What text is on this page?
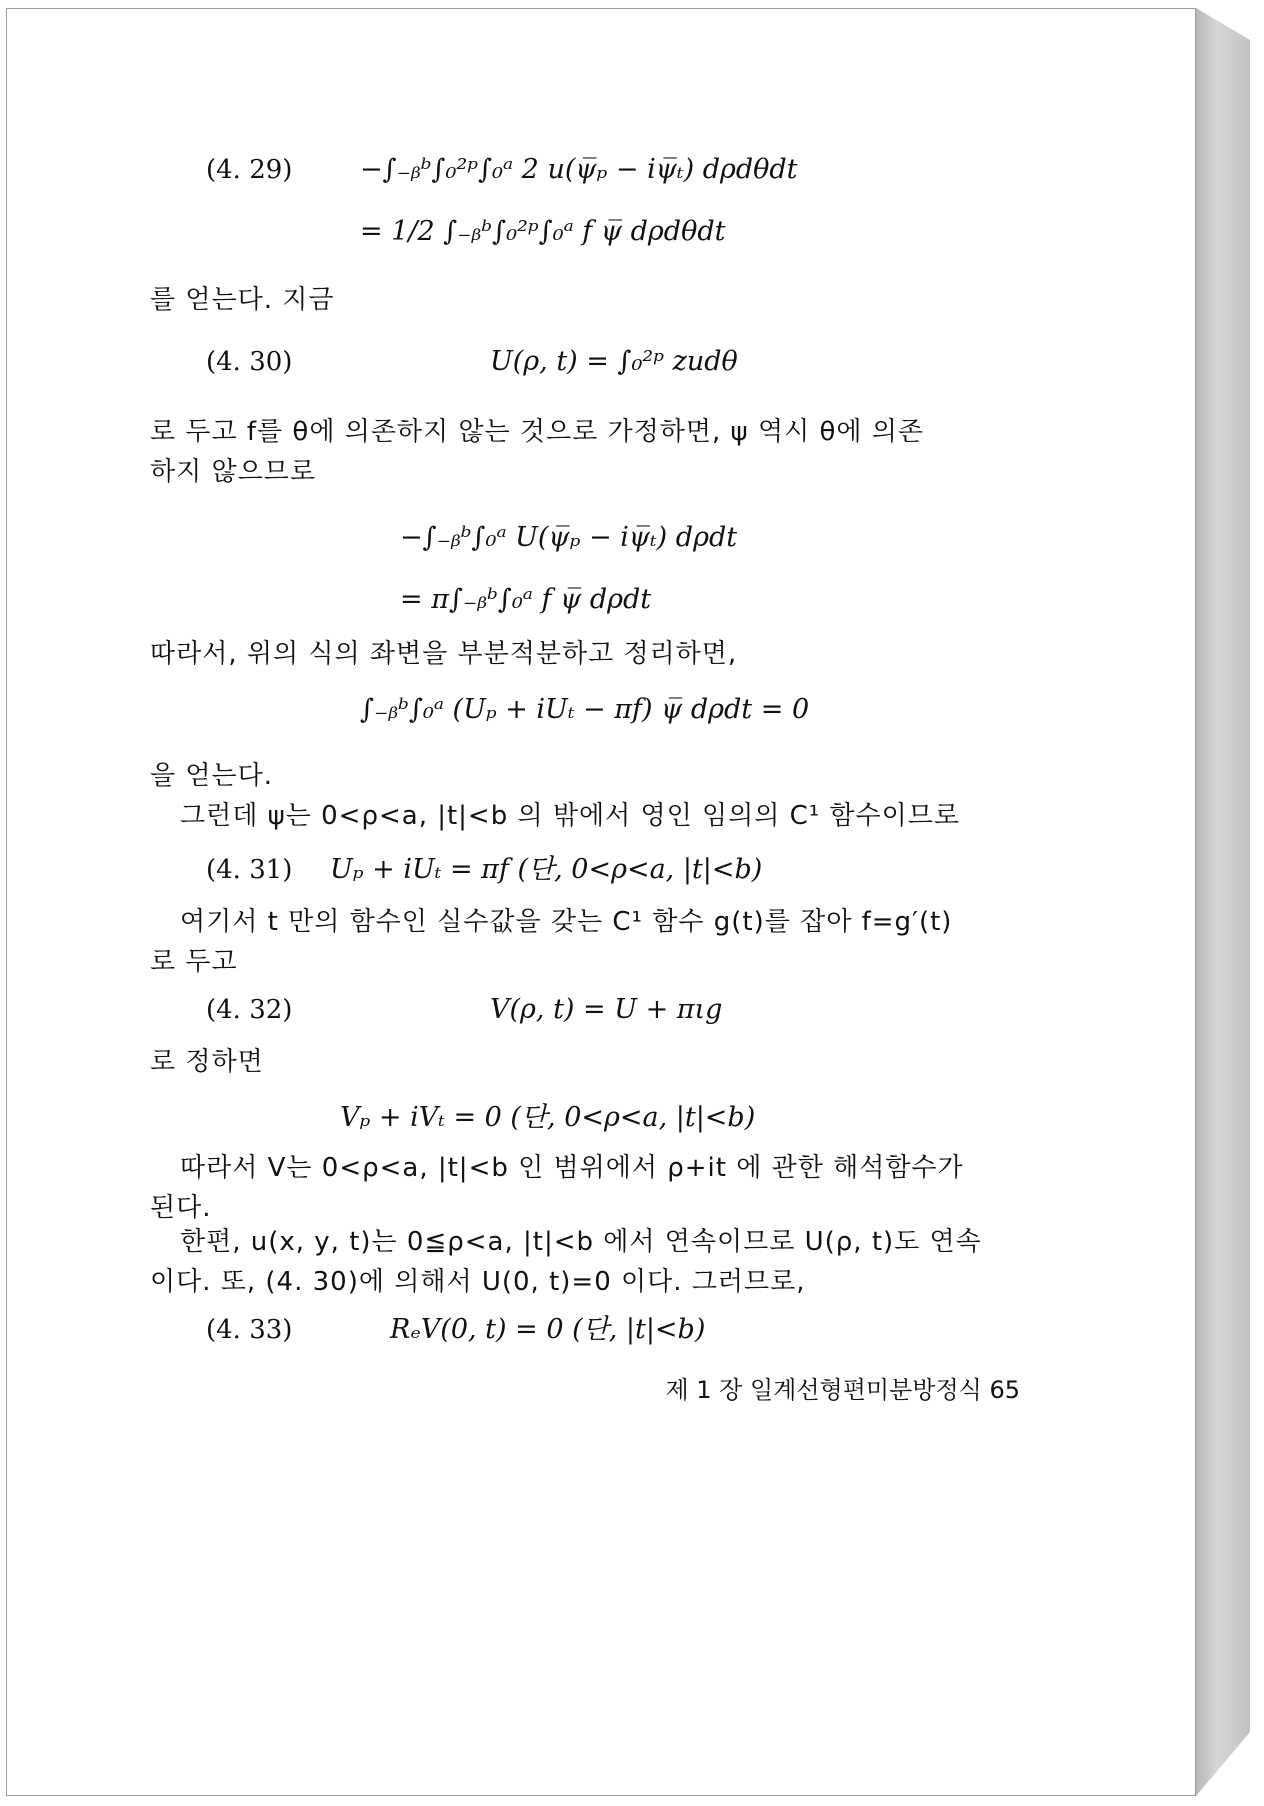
(4. 29)	−∫₋ᵦᵇ∫₀²ᵖ∫₀ᵃ 2 u(ψ̅ₚ − iψ̅ₜ) dρdθdt
= 1/2 ∫₋ᵦᵇ∫₀²ᵖ∫₀ᵃ f ψ̅ dρdθdt
를 얻는다. 지금
(4. 30)	U(ρ, t) = ∫₀²ᵖ zudθ
로 두고 f를 θ에 의존하지 않는 것으로 가정하면, ψ 역시 θ에 의존
하지 않으므로
−∫₋ᵦᵇ∫₀ᵃ U(ψ̅ₚ − iψ̅ₜ) dρdt
= π∫₋ᵦᵇ∫₀ᵃ f ψ̅ dρdt
따라서, 위의 식의 좌변을 부분적분하고 정리하면,
∫₋ᵦᵇ∫₀ᵃ (Uₚ + iUₜ − πf) ψ̅ dρdt = 0
을 얻는다.
그런데 ψ는 0<ρ<a, |t|<b 의 밖에서 영인 임의의 C¹ 함수이므로
(4. 31) Uₚ + iUₜ = πf (단, 0<ρ<a, |t|<b)
여기서 t 만의 함수인 실수값을 갖는 C¹ 함수 g(t)를 잡아 f=g′(t)
로 두고
(4. 32)	V(ρ, t) = U + πιg
로 정하면
Vₚ + iVₜ = 0 (단, 0<ρ<a, |t|<b)
따라서 V는 0<ρ<a, |t|<b 인 범위에서 ρ+it 에 관한 해석함수가
된다.
한편, u(x, y, t)는 0≦ρ<a, |t|<b 에서 연속이므로 U(ρ, t)도 연속
이다. 또, (4. 30)에 의해서 U(0, t)=0 이다. 그러므로,
(4. 33)	RₑV(0, t) = 0 (단, |t|<b)
제 1 장 일계선형편미분방정식 65
